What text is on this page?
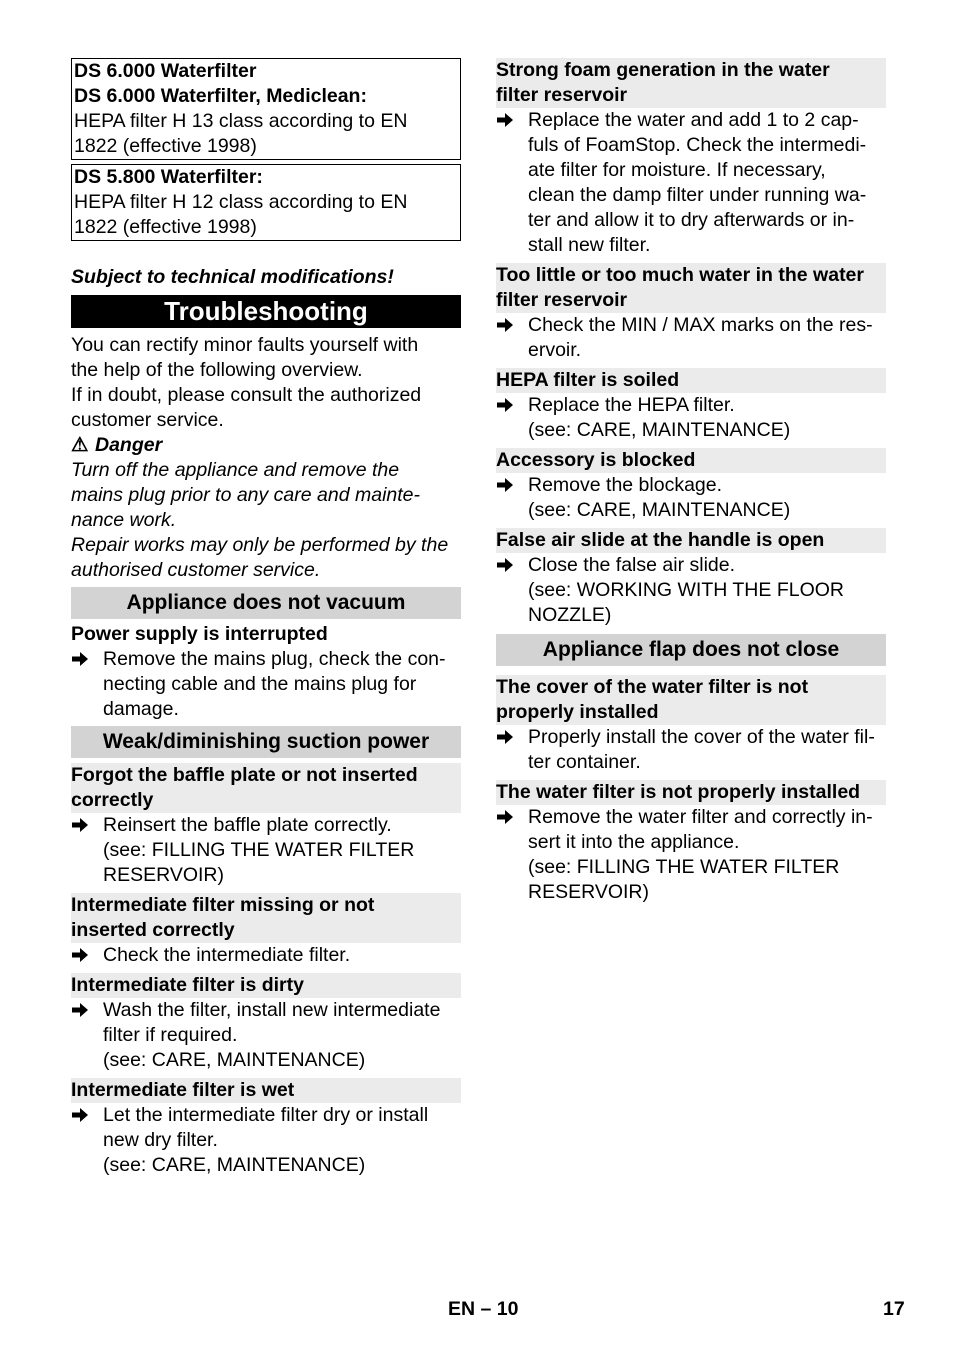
DS 6.000 Waterfilter
DS 6.000 Waterfilter, Mediclean:
HEPA filter H 13 class according to EN
1822 (effective 1998)
DS 5.800 Waterfilter:
HEPA filter H 12 class according to EN
1822 (effective 1998)
Subject to technical modifications!
Troubleshooting
You can rectify minor faults yourself with
the help of the following overview.
If in doubt, please consult the authorized
customer service.
⚠ Danger
Turn off the appliance and remove the
mains plug prior to any care and mainte-
nance work.
Repair works may only be performed by the
authorised customer service.
Appliance does not vacuum
Power supply is interrupted
Remove the mains plug, check the con-
necting cable and the mains plug for
damage.
Weak/diminishing suction power
Forgot the baffle plate or not inserted
correctly
Reinsert the baffle plate correctly.
(see: FILLING THE WATER FILTER
RESERVOIR)
Intermediate filter missing or not
inserted correctly
Check the intermediate filter.
Intermediate filter is dirty
Wash the filter, install new intermediate
filter if required.
(see: CARE, MAINTENANCE)
Intermediate filter is wet
Let the intermediate filter dry or install
new dry filter.
(see: CARE, MAINTENANCE)
Strong foam generation in the water
filter reservoir
Replace the water and add 1 to 2 cap-
fuls of FoamStop. Check the intermedi-
ate filter for moisture. If necessary,
clean the damp filter under running wa-
ter and allow it to dry afterwards or in-
stall new filter.
Too little or too much water in the water
filter reservoir
Check the MIN / MAX marks on the res-
ervoir.
HEPA filter is soiled
Replace the HEPA filter.
(see: CARE, MAINTENANCE)
Accessory is blocked
Remove the blockage.
(see: CARE, MAINTENANCE)
False air slide at the handle is open
Close the false air slide.
(see: WORKING WITH THE FLOOR
NOZZLE)
Appliance flap does not close
The cover of the water filter is not
properly installed
Properly install the cover of the water fil-
ter container.
The water filter is not properly installed
Remove the water filter and correctly in-
sert it into the appliance.
(see: FILLING THE WATER FILTER
RESERVOIR)
EN – 10	17
